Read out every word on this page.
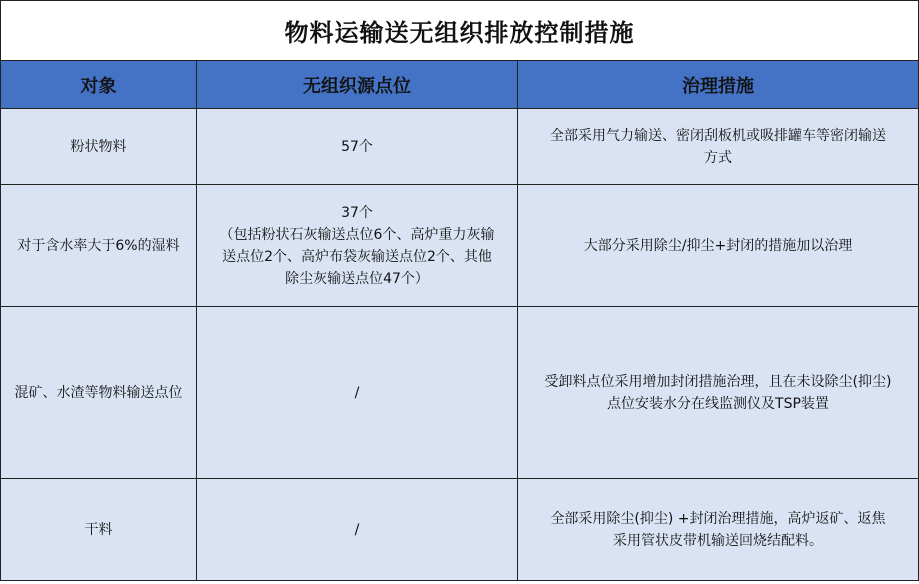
物料运输送无组织排放控制措施		
对象	无组织源点位	治理措施

粉状物料	57个	全部采用气力输送、密闭刮板机或吸排罐车等密闭输送
方式

对于含水率大于6%的湿料	37个
（包括粉状石灰输送点位6个、高炉重力灰输
送点位2个、高炉布袋灰输送点位2个、其他
除尘灰输送点位47个）	大部分采用除尘/抑尘+封闭的措施加以治理

混矿、水渣等物料输送点位	/	受卸料点位采用增加封闭措施治理，且在未设除尘(抑尘)
点位安装水分在线监测仪及TSP装置

干料	/	全部采用除尘(抑尘) +封闭治理措施，高炉返矿、返焦
采用管状皮带机输送回烧结配料。
